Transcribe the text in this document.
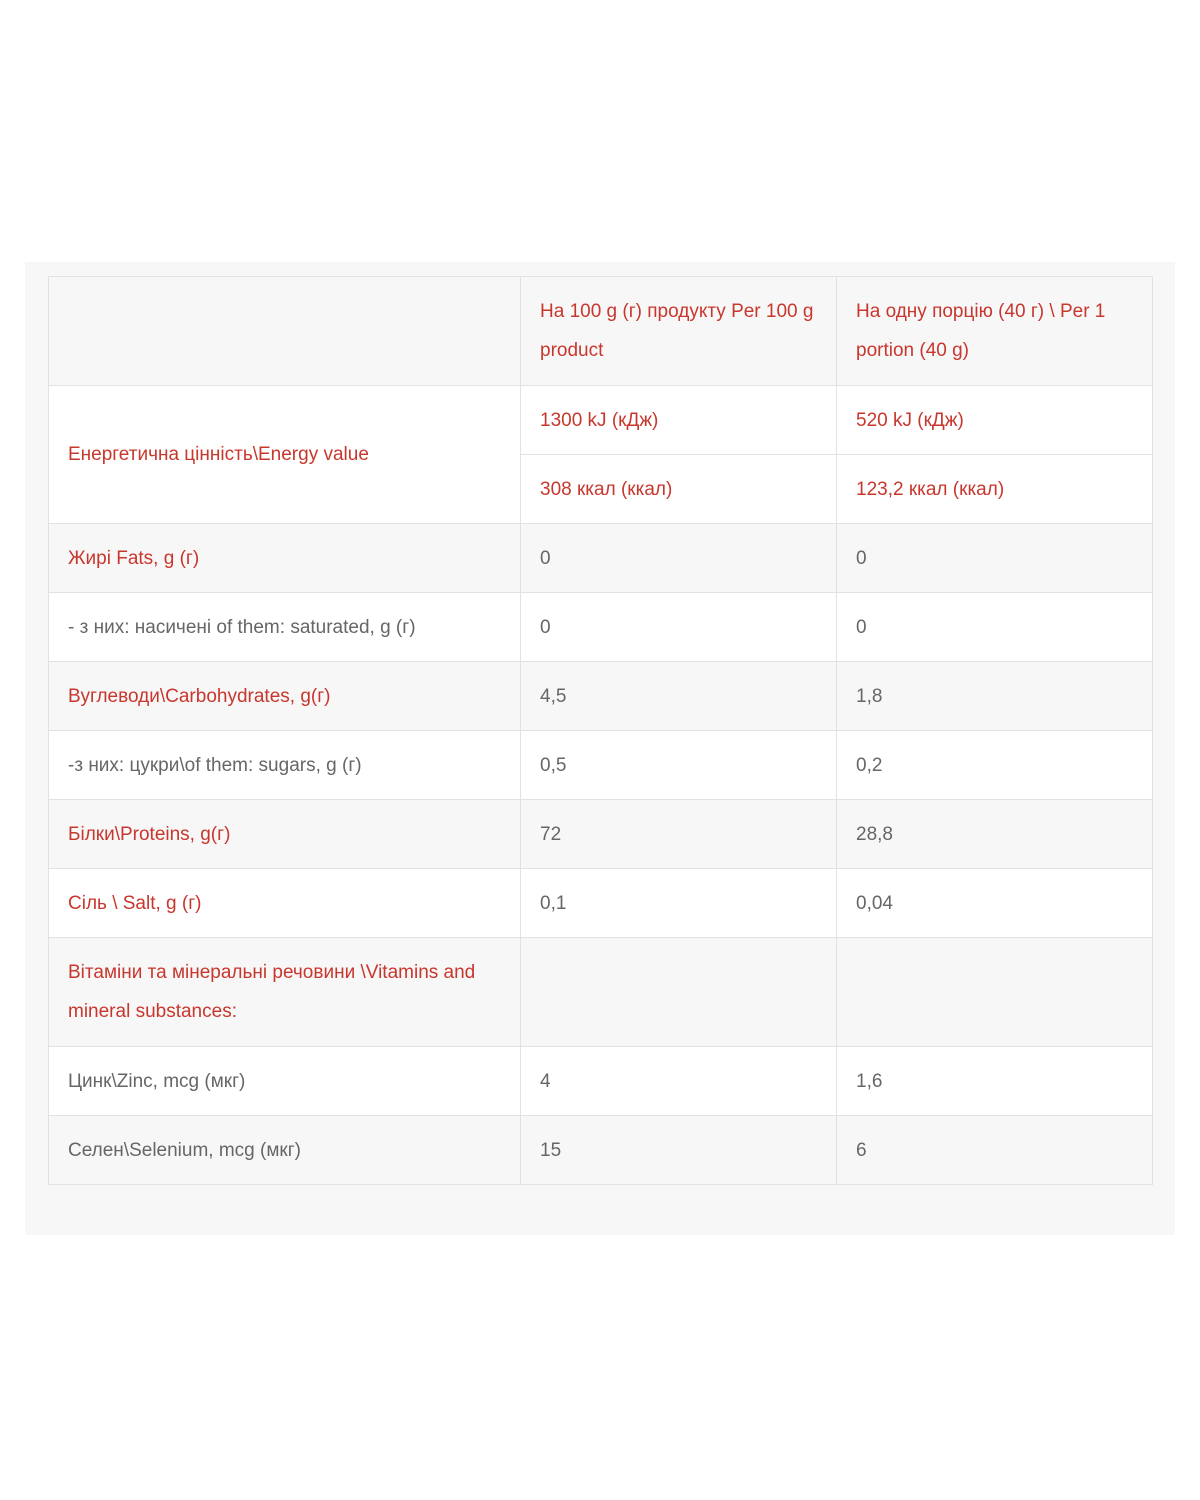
	На 100 g (г) продукту Per 100 g product	На одну порцію (40 г) \ Per 1 portion (40 g)
Енергетична цінність\Energy value	1300 kJ (кДж)	520 kJ (кДж)
	308 ккал (ккал)	123,2 ккал (ккал)
Жирі Fats, g (г)	0	0
- з них: насичені of them: saturated, g (г)	0	0
Вуглеводи\Carbohydrates, g(г)	4,5	1,8
-з них: цукри\of them: sugars, g (г)	0,5	0,2
Білки\Proteins, g(г)	72	28,8
Сіль \ Salt, g (г)	0,1	0,04
Вітаміни та мінеральні речовини \Vitamins and mineral substances:		
Цинк\Zinc, mcg (мкг)	4	1,6
Селен\Selenium, mcg (мкг)	15	6
